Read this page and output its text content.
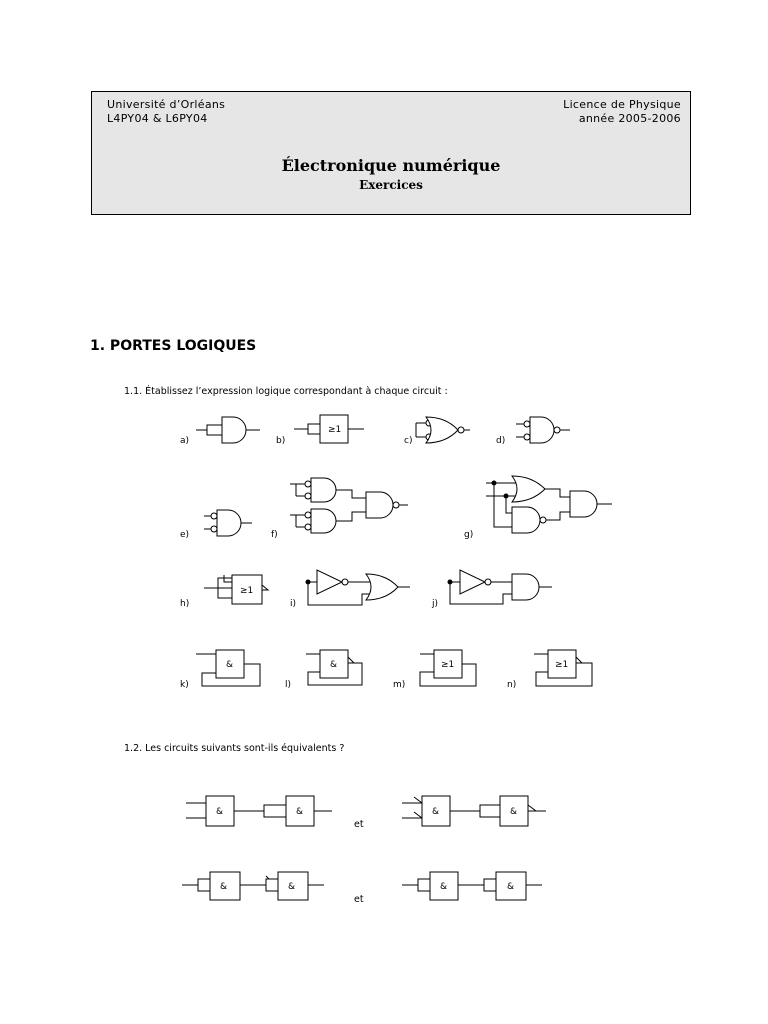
Université d’Orléans
L4PY04 & L6PY04
Licence de Physique
année 2005-2006
Électronique numérique
Exercices
1. PORTES LOGIQUES
1.1. Établissez l’expression logique correspondant à chaque circuit :
1.2. Les circuits suivants sont-ils équivalents ?
a)
≥1
b)	c)	d)
e)	f)	g)
≥1
h)	i)	j)
&
k)
&
l)
≥1
m)
≥1
n)
&	&
et
&	&
&	&
et
&	&
